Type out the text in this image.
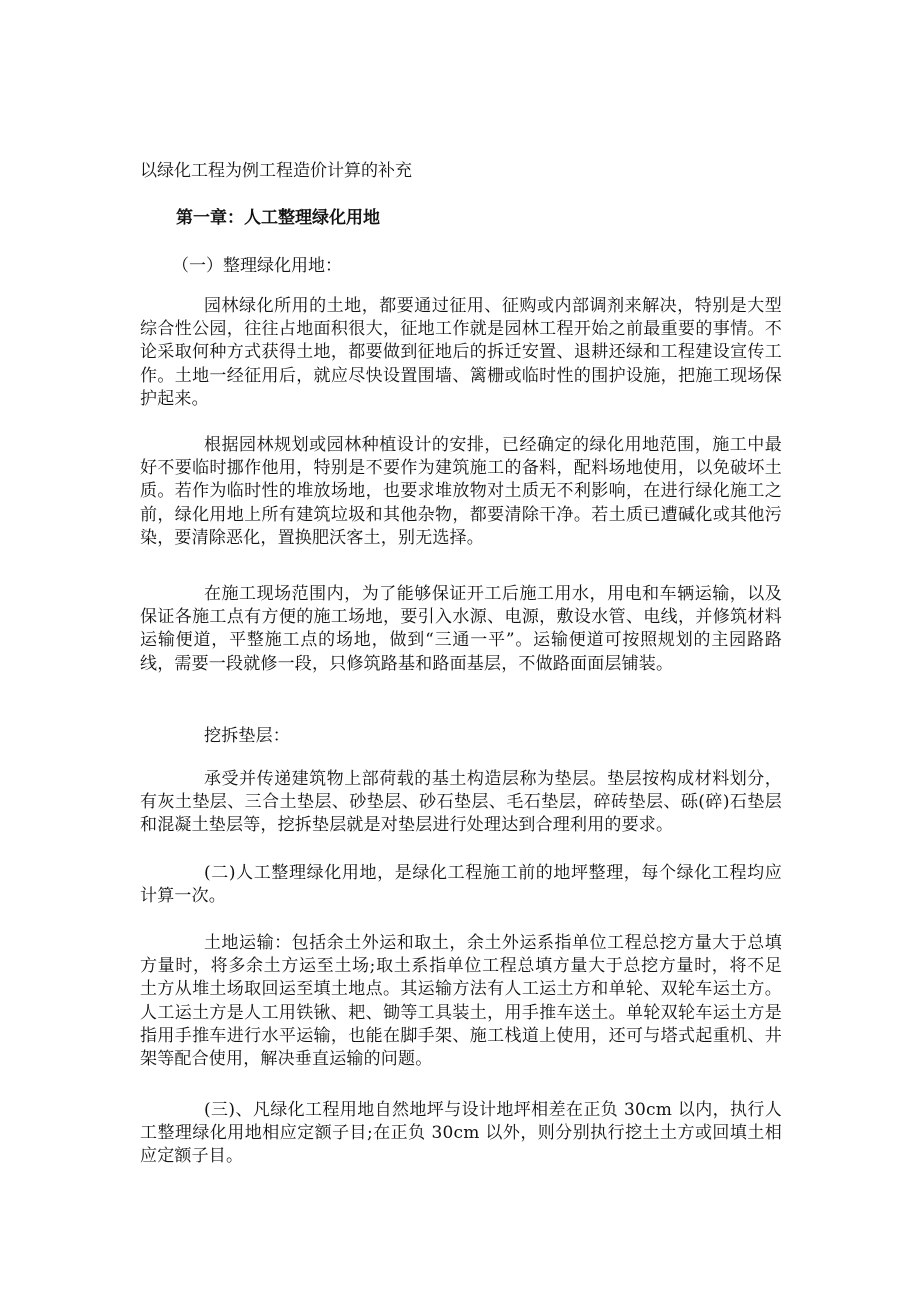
以绿化工程为例工程造价计算的补充

第一章：人工整理绿化用地

（一）整理绿化用地：

园林绿化所用的土地，都要通过征用、征购或内部调剂来解决，特别是大型综合性公园，往往占地面积很大，征地工作就是园林工程开始之前最重要的事情。不论采取何种方式获得土地，都要做到征地后的拆迁安置、退耕还绿和工程建设宣传工作。土地一经征用后，就应尽快设置围墙、篱栅或临时性的围护设施，把施工现场保护起来。

根据园林规划或园林种植设计的安排，已经确定的绿化用地范围，施工中最好不要临时挪作他用，特别是不要作为建筑施工的备料，配料场地使用，以免破坏土质。若作为临时性的堆放场地，也要求堆放物对土质无不利影响，在进行绿化施工之前，绿化用地上所有建筑垃圾和其他杂物，都要清除干净。若土质已遭碱化或其他污染，要清除恶化，置换肥沃客土，别无选择。

在施工现场范围内，为了能够保证开工后施工用水，用电和车辆运输，以及保证各施工点有方便的施工场地，要引入水源、电源，敷设水管、电线，并修筑材料运输便道，平整施工点的场地，做到“三通一平”。运输便道可按照规划的主园路路线，需要一段就修一段，只修筑路基和路面基层，不做路面面层铺装。

挖拆垫层：

承受并传递建筑物上部荷载的基土构造层称为垫层。垫层按构成材料划分，有灰土垫层、三合土垫层、砂垫层、砂石垫层、毛石垫层，碎砖垫层、砾(碎)石垫层和混凝土垫层等，挖拆垫层就是对垫层进行处理达到合理利用的要求。

(二)人工整理绿化用地，是绿化工程施工前的地坪整理，每个绿化工程均应计算一次。

土地运输：包括余土外运和取土，余土外运系指单位工程总挖方量大于总填方量时，将多余土方运至土场;取土系指单位工程总填方量大于总挖方量时，将不足土方从堆土场取回运至填土地点。其运输方法有人工运土方和单轮、双轮车运土方。人工运土方是人工用铁锹、耙、锄等工具装土，用手推车送土。单轮双轮车运土方是指用手推车进行水平运输，也能在脚手架、施工栈道上使用，还可与塔式起重机、井架等配合使用，解决垂直运输的问题。

(三)、凡绿化工程用地自然地坪与设计地坪相差在正负 30cm 以内，执行人工整理绿化用地相应定额子目;在正负 30cm 以外，则分别执行挖土土方或回填土相应定额子目。
